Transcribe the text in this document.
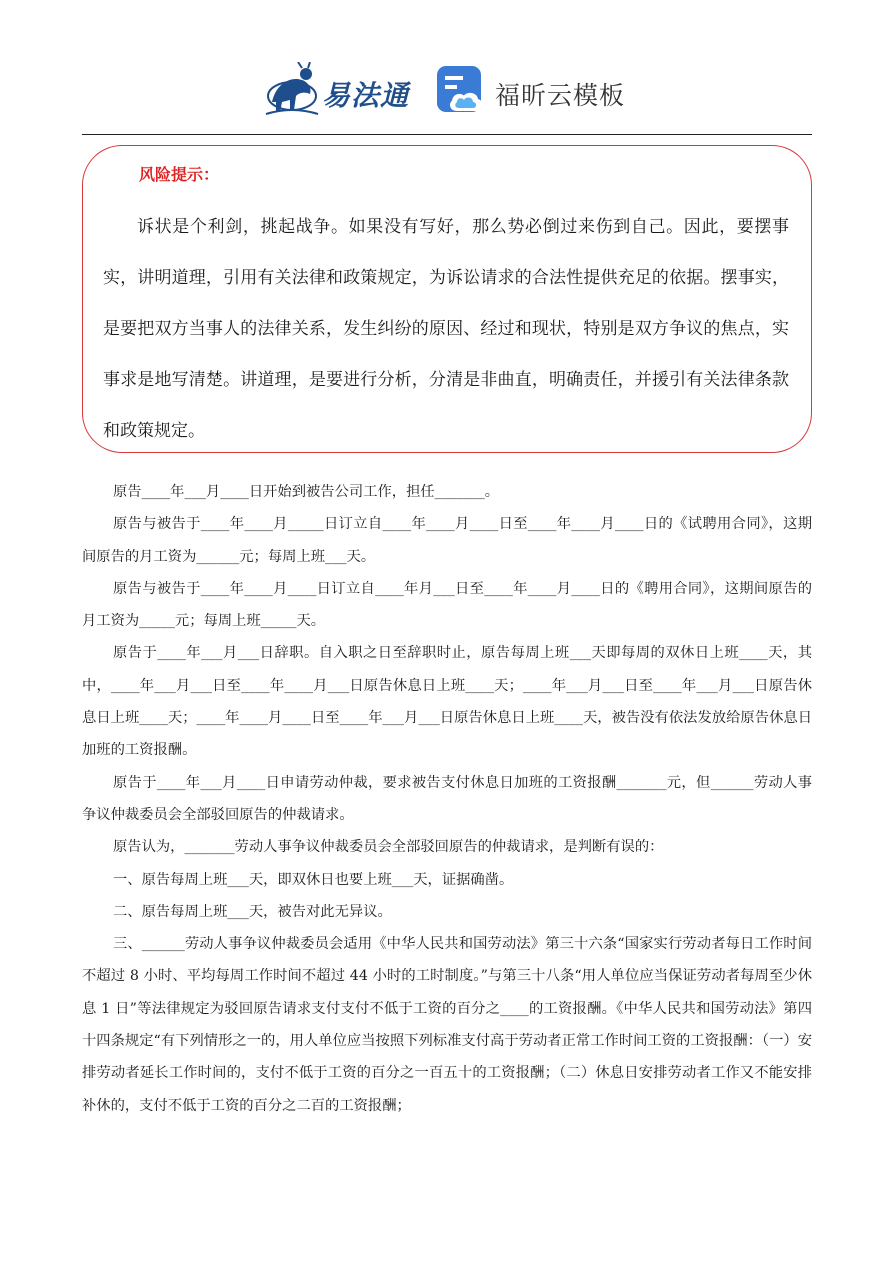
易法通	福昕云模板
风险提示：

诉状是个利剑，挑起战争。如果没有写好，那么势必倒过来伤到自己。因此，要摆事实，讲明道理，引用有关法律和政策规定，为诉讼请求的合法性提供充足的依据。摆事实，是要把双方当事人的法律关系，发生纠纷的原因、经过和现状，特别是双方争议的焦点，实事求是地写清楚。讲道理，是要进行分析，分清是非曲直，明确责任，并援引有关法律条款和政策规定。

原告____年___月____日开始到被告公司工作，担任_______。

原告与被告于____年____月_____日订立自____年____月____日至____年____月____日的《试聘用合同》，这期间原告的月工资为______元；每周上班___天。

原告与被告于____年____月____日订立自____年月___日至____年____月____日的《聘用合同》，这期间原告的月工资为_____元；每周上班_____天。

原告于____年___月___日辞职。自入职之日至辞职时止，原告每周上班___天即每周的双休日上班____天，其中，____年___月___日至____年____月___日原告休息日上班____天；____年___月___日至____年___月___日原告休息日上班____天；____年____月____日至____年___月___日原告休息日上班____天，被告没有依法发放给原告休息日加班的工资报酬。

原告于____年___月____日申请劳动仲裁，要求被告支付休息日加班的工资报酬_______元，但______劳动人事争议仲裁委员会全部驳回原告的仲裁请求。

原告认为，_______劳动人事争议仲裁委员会全部驳回原告的仲裁请求，是判断有误的：

一、原告每周上班___天，即双休日也要上班___天，证据确凿。

二、原告每周上班___天，被告对此无异议。

三、______劳动人事争议仲裁委员会适用《中华人民共和国劳动法》第三十六条“国家实行劳动者每日工作时间不超过 8 小时、平均每周工作时间不超过 44 小时的工时制度。”与第三十八条“用人单位应当保证劳动者每周至少休息 1 日”等法律规定为驳回原告请求支付支付不低于工资的百分之____的工资报酬。《中华人民共和国劳动法》第四十四条规定“有下列情形之一的，用人单位应当按照下列标准支付高于劳动者正常工作时间工资的工资报酬：（一）安排劳动者延长工作时间的，支付不低于工资的百分之一百五十的工资报酬；（二）休息日安排劳动者工作又不能安排补休的，支付不低于工资的百分之二百的工资报酬；
